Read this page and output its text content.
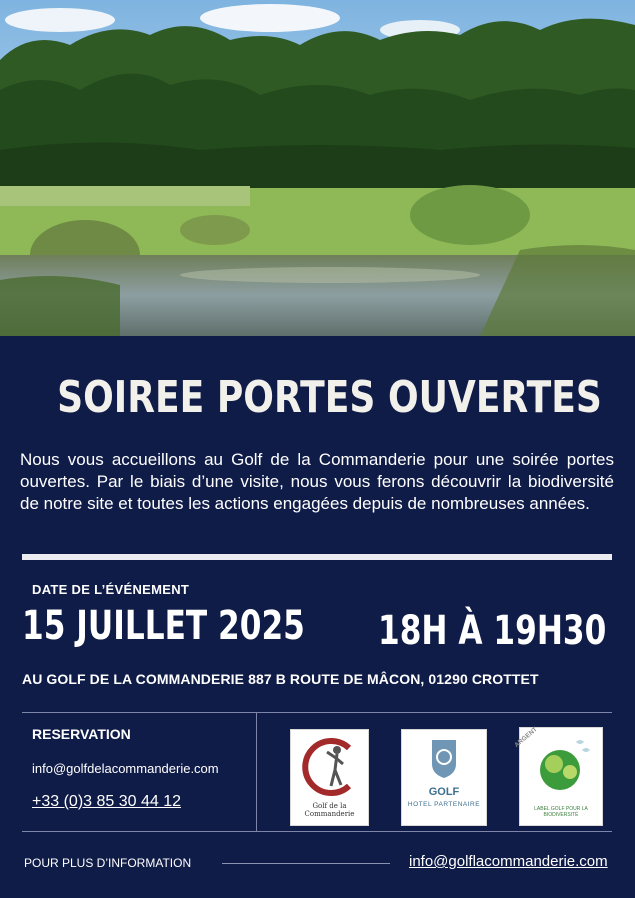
SOIREE PORTES OUVERTES
Nous vous accueillons au Golf de la Commanderie pour une soirée portes ouvertes. Par le biais d’une visite, nous vous ferons découvrir la biodiversité de notre site et toutes les actions engagées depuis de nombreuses années.
DATE DE L’ÉVÉNEMENT
15 JUILLET 2025 18H À 19H30
AU GOLF DE LA COMMANDERIE 887 B ROUTE DE MÂCON, 01290 CROTTET
RESERVATION
info@golfdelacommanderie.com
+33 (0)3 85 30 44 12	Golf de la
Commanderie
GOLF
HOTEL PARTENAIRE
ARGENT
LABEL GOLF POUR LA BIODIVERSITÉ
POUR PLUS D’INFORMATION	info@golflacommanderie.com
